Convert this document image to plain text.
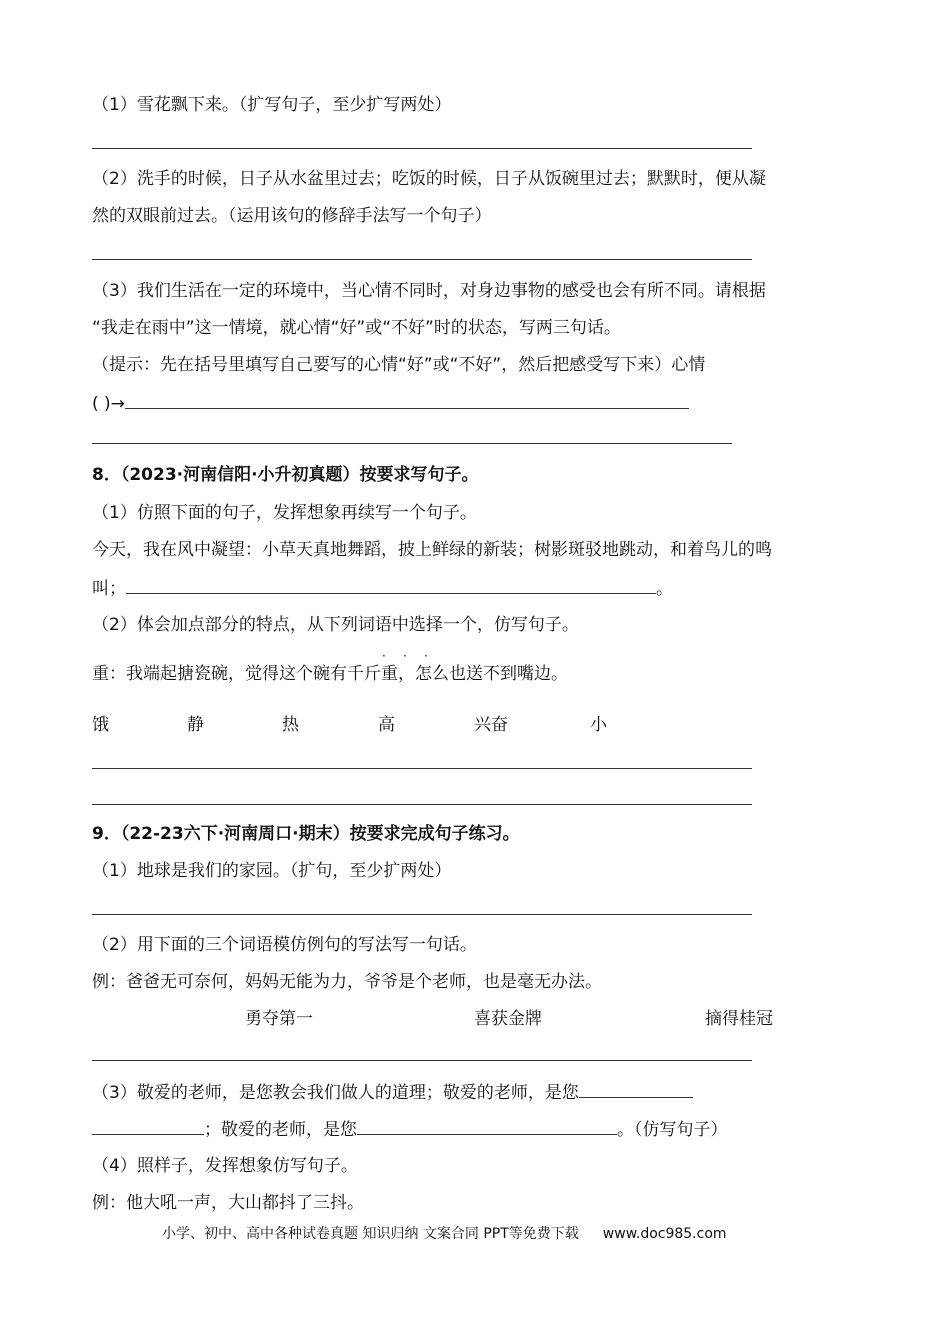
（1）雪花飘下来。（扩写句子，至少扩写两处）
（2）洗手的时候，日子从水盆里过去；吃饭的时候，日子从饭碗里过去；默默时，便从凝
然的双眼前过去。（运用该句的修辞手法写一个句子）
（3）我们生活在一定的环境中，当心情不同时，对身边事物的感受也会有所不同。请根据
“我走在雨中”这一情境，就心情“好”或“不好”时的状态，写两三句话。
（提示：先在括号里填写自己要写的心情“好”或“不好”，然后把感受写下来）心情
( )→
8．（2023·河南信阳·小升初真题）按要求写句子。
（1）仿照下面的句子，发挥想象再续写一个句子。
今天，我在风中凝望：小草天真地舞蹈，披上鲜绿的新装；树影斑驳地跳动，和着鸟儿的鸣
叫；	。
（2）体会加点部分的特点，从下列词语中选择一个，仿写句子。
· · ·
重：我端起搪瓷碗，觉得这个碗有千斤重，怎么也送不到嘴边。
饿	静	热	高	兴奋	小
9．（22-23六下·河南周口·期末）按要求完成句子练习。
（1）地球是我们的家园。（扩句，至少扩两处）
（2）用下面的三个词语模仿例句的写法写一句话。
例：爸爸无可奈何，妈妈无能为力，爷爷是个老师，也是毫无办法。
勇夺第一	喜获金牌	摘得桂冠
（3）敬爱的老师，是您教会我们做人的道理；敬爱的老师，是您
；敬爱的老师，是您	。（仿写句子）
（4）照样子，发挥想象仿写句子。
例：他大吼一声，大山都抖了三抖。
小学、初中、高中各种试卷真题 知识归纳 文案合同 PPT等免费下载 www.doc985.com
